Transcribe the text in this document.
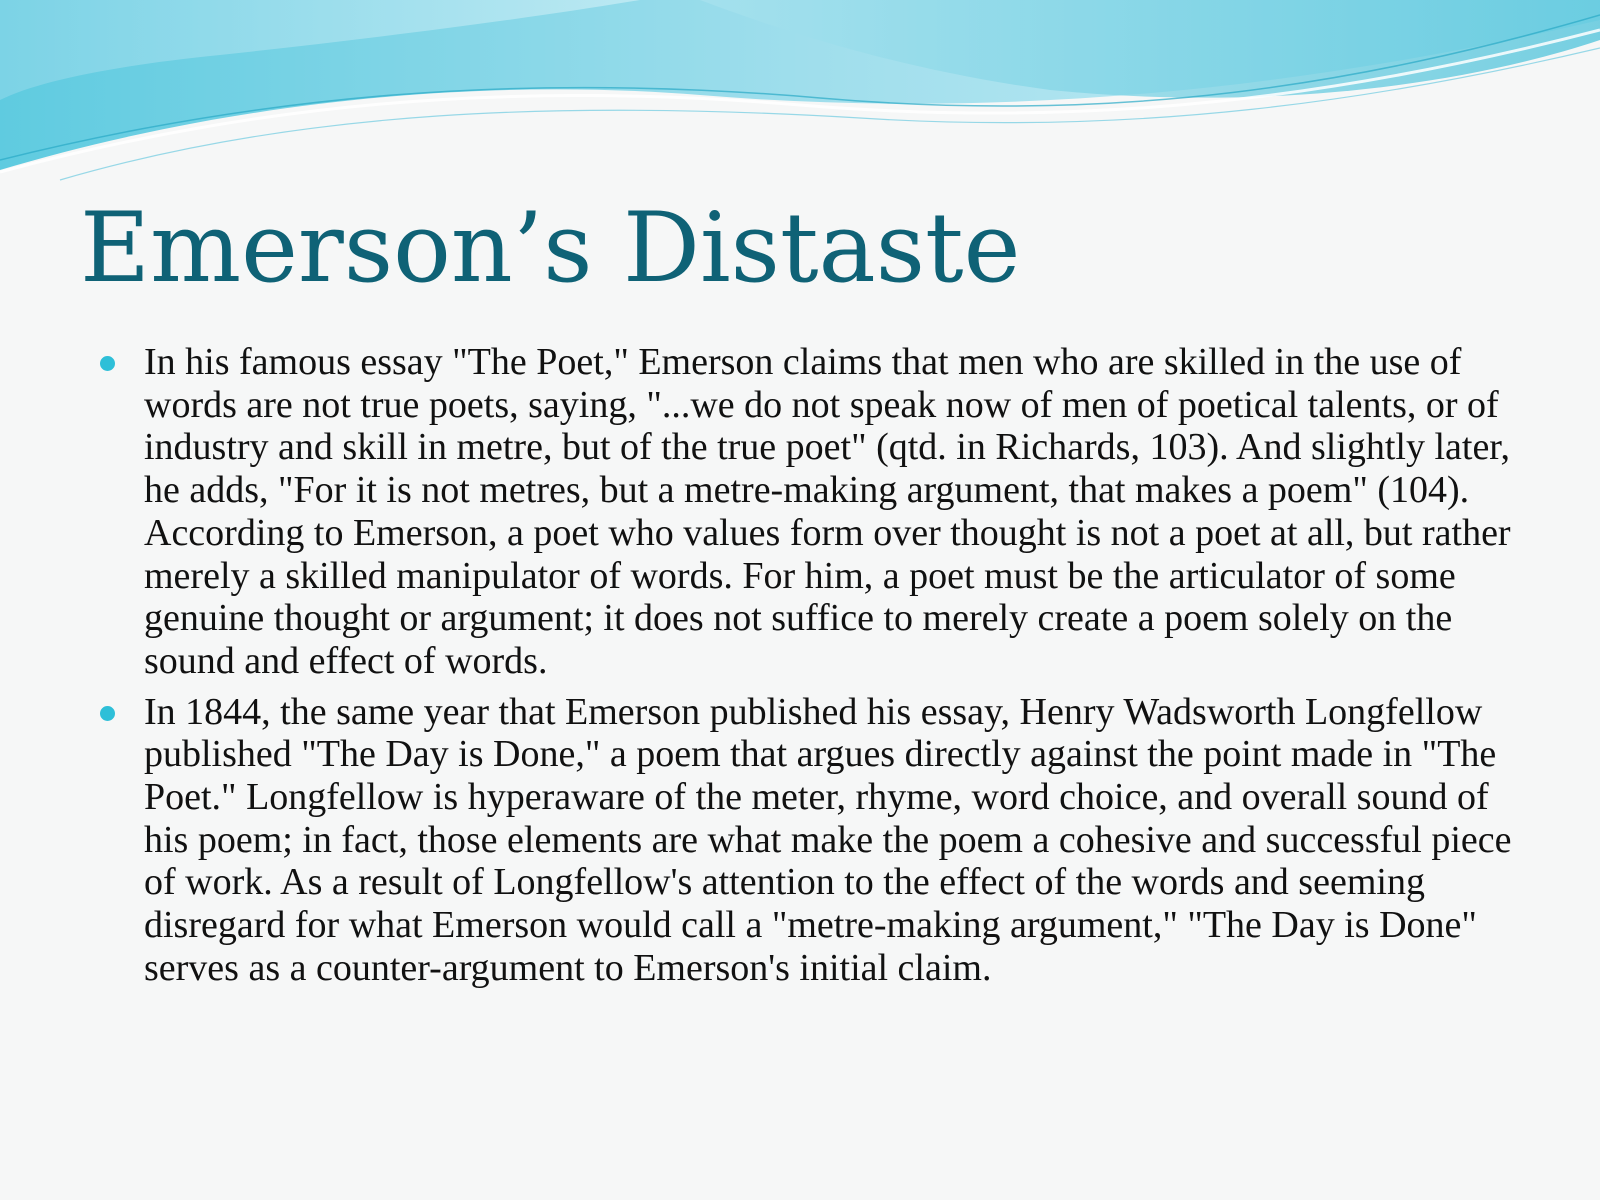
Emerson’s Distaste
In his famous essay "The Poet," Emerson claims that men who are skilled in the use of words are not true poets, saying, "...we do not speak now of men of poetical talents, or of industry and skill in metre, but of the true poet" (qtd. in Richards, 103). And slightly later, he adds, "For it is not metres, but a metre-making argument, that makes a poem" (104). According to Emerson, a poet who values form over thought is not a poet at all, but rather merely a skilled manipulator of words. For him, a poet must be the articulator of some genuine thought or argument; it does not suffice to merely create a poem solely on the sound and effect of words.
In 1844, the same year that Emerson published his essay, Henry Wadsworth Longfellow published "The Day is Done," a poem that argues directly against the point made in "The Poet." Longfellow is hyperaware of the meter, rhyme, word choice, and overall sound of his poem; in fact, those elements are what make the poem a cohesive and successful piece of work. As a result of Longfellow's attention to the effect of the words and seeming disregard for what Emerson would call a "metre-making argument," "The Day is Done" serves as a counter-argument to Emerson's initial claim.
